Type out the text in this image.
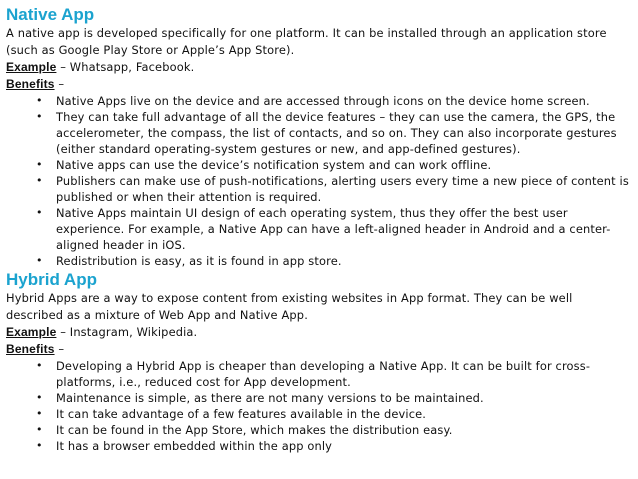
Native App

A native app is developed specifically for one platform. It can be installed through an application store (such as Google Play Store or Apple’s App Store).

Example – Whatsapp, Facebook.

Benefits –

• Native Apps live on the device and are accessed through icons on the device home screen.
• They can take full advantage of all the device features – they can use the camera, the GPS, the accelerometer, the compass, the list of contacts, and so on. They can also incorporate gestures (either standard operating-system gestures or new, and app-defined gestures).
• Native apps can use the device’s notification system and can work offline.
• Publishers can make use of push-notifications, alerting users every time a new piece of content is published or when their attention is required.
• Native Apps maintain UI design of each operating system, thus they offer the best user experience. For example, a Native App can have a left-aligned header in Android and a center-aligned header in iOS.
• Redistribution is easy, as it is found in app store.
Hybrid App

Hybrid Apps are a way to expose content from existing websites in App format. They can be well described as a mixture of Web App and Native App.

Example – Instagram, Wikipedia.

Benefits –

• Developing a Hybrid App is cheaper than developing a Native App. It can be built for cross-platforms, i.e., reduced cost for App development.
• Maintenance is simple, as there are not many versions to be maintained.
• It can take advantage of a few features available in the device.
• It can be found in the App Store, which makes the distribution easy.
• It has a browser embedded within the app only
